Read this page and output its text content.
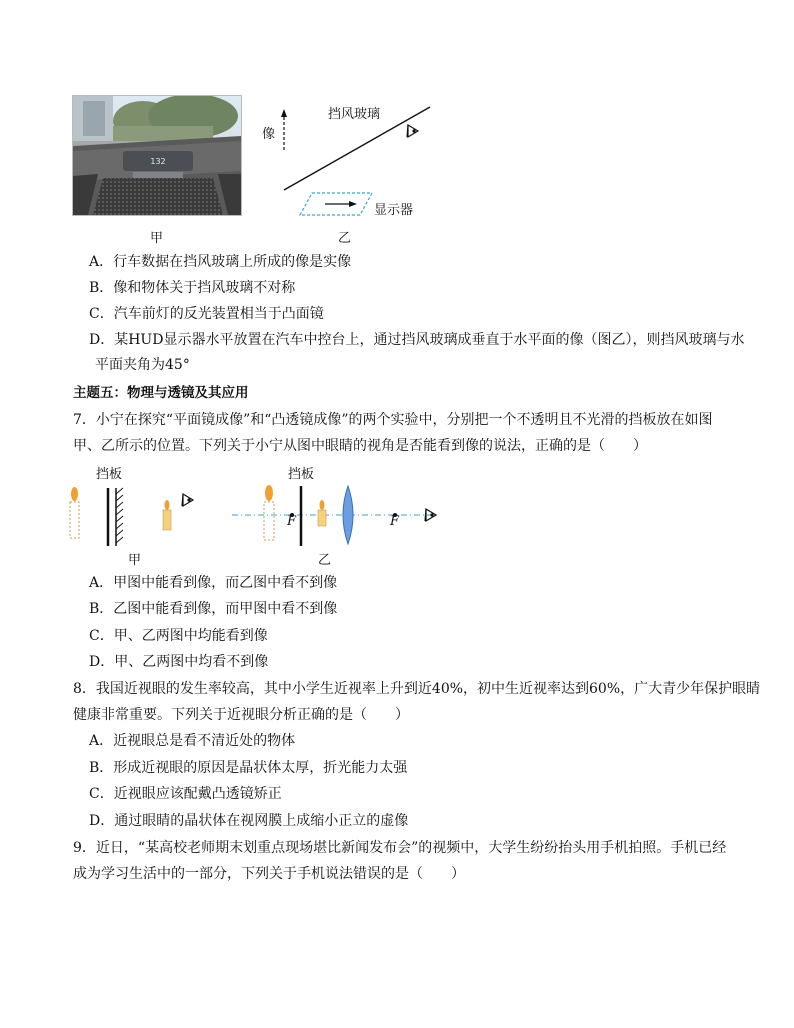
132
甲
挡风玻璃
像
显示器
乙
A．行车数据在挡风玻璃上所成的像是实像
B．像和物体关于挡风玻璃不对称
C．汽车前灯的反光装置相当于凸面镜
D．某HUD显示器水平放置在汽车中控台上，通过挡风玻璃成垂直于水平面的像（图乙），则挡风玻璃与水
平面夹角为45°
主题五：物理与透镜及其应用
7．小宁在探究“平面镜成像”和“凸透镜成像”的两个实验中，分别把一个不透明且不光滑的挡板放在如图
甲、乙所示的位置。下列关于小宁从图中眼睛的视角是否能看到像的说法，正确的是（　　）
挡板
甲
挡板
F	F
乙
A．甲图中能看到像，而乙图中看不到像
B．乙图中能看到像，而甲图中看不到像
C．甲、乙两图中均能看到像
D．甲、乙两图中均看不到像
8．我国近视眼的发生率较高，其中小学生近视率上升到近40%，初中生近视率达到60%，广大青少年保护眼睛
健康非常重要。下列关于近视眼分析正确的是（　　）
A．近视眼总是看不清近处的物体
B．形成近视眼的原因是晶状体太厚，折光能力太强
C．近视眼应该配戴凸透镜矫正
D．通过眼睛的晶状体在视网膜上成缩小正立的虚像
9．近日，“某高校老师期末划重点现场堪比新闻发布会”的视频中，大学生纷纷抬头用手机拍照。手机已经
成为学习生活中的一部分，下列关于手机说法错误的是（　　）
